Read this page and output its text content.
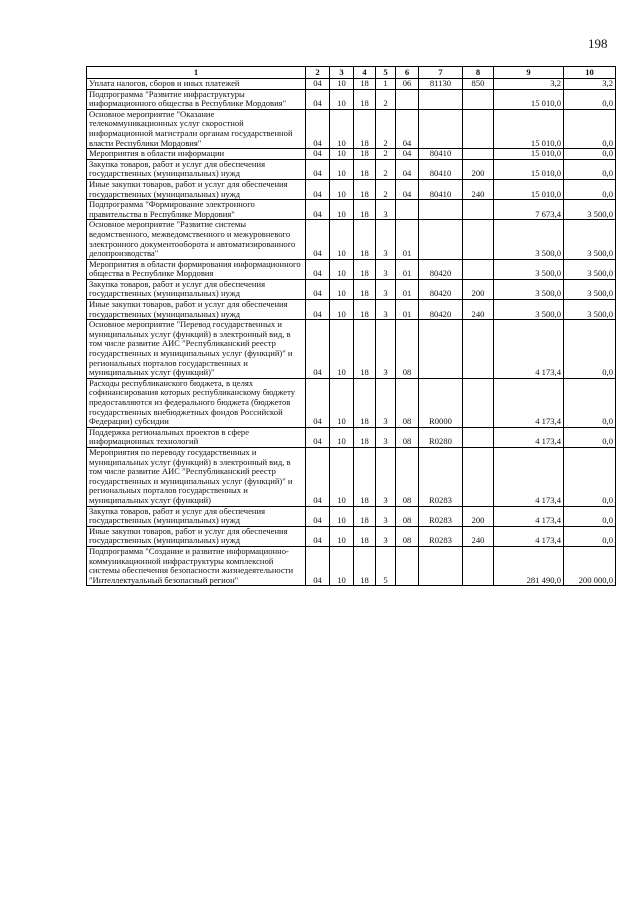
198
1	2	3	4	5	6	7	8	9	10
Уплата налогов, сборов и иных платежей	04	10	18	1	06	81130	850	3,2	3,2
Подпрограмма "Развитие инфраструктуры информационного общества в Республике Мордовия"	04	10	18	2				15 010,0	0,0
Основное мероприятие "Оказание телекоммуникационных услуг скоростной информационной магистрали органам государственной власти Республики Мордовия"	04	10	18	2	04			15 010,0	0,0
Мероприятия в области информации	04	10	18	2	04	80410		15 010,0	0,0
Закупка товаров, работ и услуг для обеспечения государственных (муниципальных) нужд	04	10	18	2	04	80410	200	15 010,0	0,0
Иные закупки товаров, работ и услуг для обеспечения государственных (муниципальных) нужд	04	10	18	2	04	80410	240	15 010,0	0,0
Подпрограмма "Формирование электронного правительства в Республике Мордовия"	04	10	18	3				7 673,4	3 500,0
Основное мероприятие "Развитие системы ведомственного, межведомственного и межуровневого электронного документооборота и автоматизированного делопроизводства"	04	10	18	3	01			3 500,0	3 500,0
Мероприятия в области формирования информационного общества в Республике Мордовия	04	10	18	3	01	80420		3 500,0	3 500,0
Закупка товаров, работ и услуг для обеспечения государственных (муниципальных) нужд	04	10	18	3	01	80420	200	3 500,0	3 500,0
Иные закупки товаров, работ и услуг для обеспечения государственных (муниципальных) нужд	04	10	18	3	01	80420	240	3 500,0	3 500,0
Основное мероприятие "Перевод государственных и муниципальных услуг (функций) в электронный вид, в том числе развитие АИС "Республиканский реестр государственных и муниципальных услуг (функций)" и региональных порталов государственных и муниципальных услуг (функций)"	04	10	18	3	08			4 173,4	0,0
Расходы республиканского бюджета, в целях софинансирования которых республиканскому бюджету предоставляются из федерального бюджета (бюджетов государственных внебюджетных фондов Российской Федерации) субсидии	04	10	18	3	08	R0000		4 173,4	0,0
Поддержка региональных проектов в сфере информационных технологий	04	10	18	3	08	R0280		4 173,4	0,0
Мероприятия по переводу государственных и муниципальных услуг (функций) в электронный вид, в том числе развитие АИС "Республиканский реестр государственных и муниципальных услуг (функций)" и региональных порталов государственных и муниципальных услуг (функций)	04	10	18	3	08	R0283		4 173,4	0,0
Закупка товаров, работ и услуг для обеспечения государственных (муниципальных) нужд	04	10	18	3	08	R0283	200	4 173,4	0,0
Иные закупки товаров, работ и услуг для обеспечения государственных (муниципальных) нужд	04	10	18	3	08	R0283	240	4 173,4	0,0
Подпрограмма "Создание и развитие информационно-коммуникационной инфраструктуры комплексной системы обеспечения безопасности жизнедеятельности "Интеллектуальный безопасный регион"	04	10	18	5				281 490,0	200 000,0
